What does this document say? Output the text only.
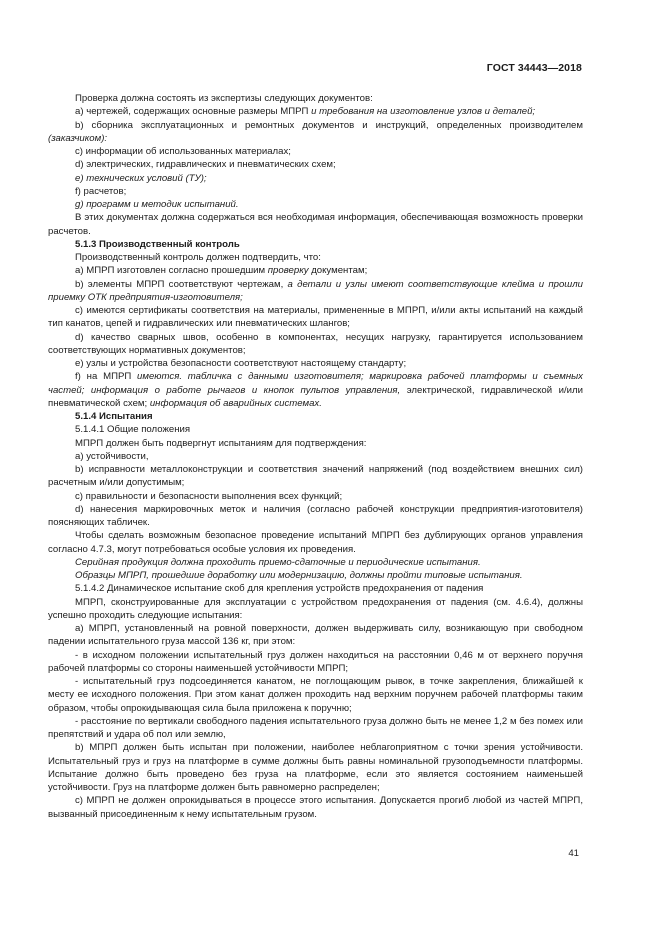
ГОСТ 34443—2018

Проверка должна состоять из экспертизы следующих документов:

a) чертежей, содержащих основные размеры МПРП и требования на изготовление узлов и деталей;

b) сборника эксплуатационных и ремонтных документов и инструкций, определенных производителем (заказчиком):

c) информации об использованных материалах;

d) электрических, гидравлических и пневматических схем;

e) технических условий (ТУ);

f) расчетов;

g) программ и методик испытаний.

В этих документах должна содержаться вся необходимая информация, обеспечивающая возможность проверки расчетов.

5.1.3 Производственный контроль

Производственный контроль должен подтвердить, что:

a) МПРП изготовлен согласно прошедшим проверку документам;

b) элементы МПРП соответствуют чертежам, а детали и узлы имеют соответствующие клейма и прошли приемку ОТК предприятия-изготовителя;

c) имеются сертификаты соответствия на материалы, примененные в МПРП, и/или акты испытаний на каждый тип канатов, цепей и гидравлических или пневматических шлангов;

d) качество сварных швов, особенно в компонентах, несущих нагрузку, гарантируется использованием соответствующих нормативных документов;

e) узлы и устройства безопасности соответствуют настоящему стандарту;

f) на МПРП имеются. табличка с данными изготовителя; маркировка рабочей платформы и съемных частей; информация о работе рычагов и кнопок пультов управления, электрической, гидравлической и/или пневматической схем; информация об аварийных системах.

5.1.4 Испытания

5.1.4.1 Общие положения

МПРП должен быть подвергнут испытаниям для подтверждения:

a) устойчивости,

b) исправности металлоконструкции и соответствия значений напряжений (под воздействием внешних сил) расчетным и/или допустимым;

c) правильности и безопасности выполнения всех функций;

d) нанесения маркировочных меток и наличия (согласно рабочей конструкции предприятия-изготовителя) поясняющих табличек.

Чтобы сделать возможным безопасное проведение испытаний МПРП без дублирующих органов управления согласно 4.7.3, могут потребоваться особые условия их проведения.

Серийная продукция должна проходить приемо-сдаточные и периодические испытания.

Образцы МПРП, прошедшие доработку или модернизацию, должны пройти типовые испытания.

5.1.4.2 Динамическое испытание скоб для крепления устройств предохранения от падения

МПРП, сконструированные для эксплуатации с устройством предохранения от падения (см. 4.6.4), должны успешно проходить следующие испытания:

a) МПРП, установленный на ровной поверхности, должен выдерживать силу, возникающую при свободном падении испытательного груза массой 136 кг, при этом:

- в исходном положении испытательный груз должен находиться на расстоянии 0,46 м от верхнего поручня рабочей платформы со стороны наименьшей устойчивости МПРП;

- испытательный груз подсоединяется канатом, не поглощающим рывок, в точке закрепления, ближайшей к месту ее исходного положения. При этом канат должен проходить над верхним поручнем рабочей платформы таким образом, чтобы опрокидывающая сила была приложена к поручню;

- расстояние по вертикали свободного падения испытательного груза должно быть не менее 1,2 м без помех или препятствий и удара об пол или землю,

b) МПРП должен быть испытан при положении, наиболее неблагоприятном с точки зрения устойчивости. Испытательный груз и груз на платформе в сумме должны быть равны номинальной грузоподъемности платформы. Испытание должно быть проведено без груза на платформе, если это является состоянием наименьшей устойчивости. Груз на платформе должен быть равномерно распределен;

c) МПРП не должен опрокидываться в процессе этого испытания. Допускается прогиб любой из частей МПРП, вызванный присоединенным к нему испытательным грузом.

41
